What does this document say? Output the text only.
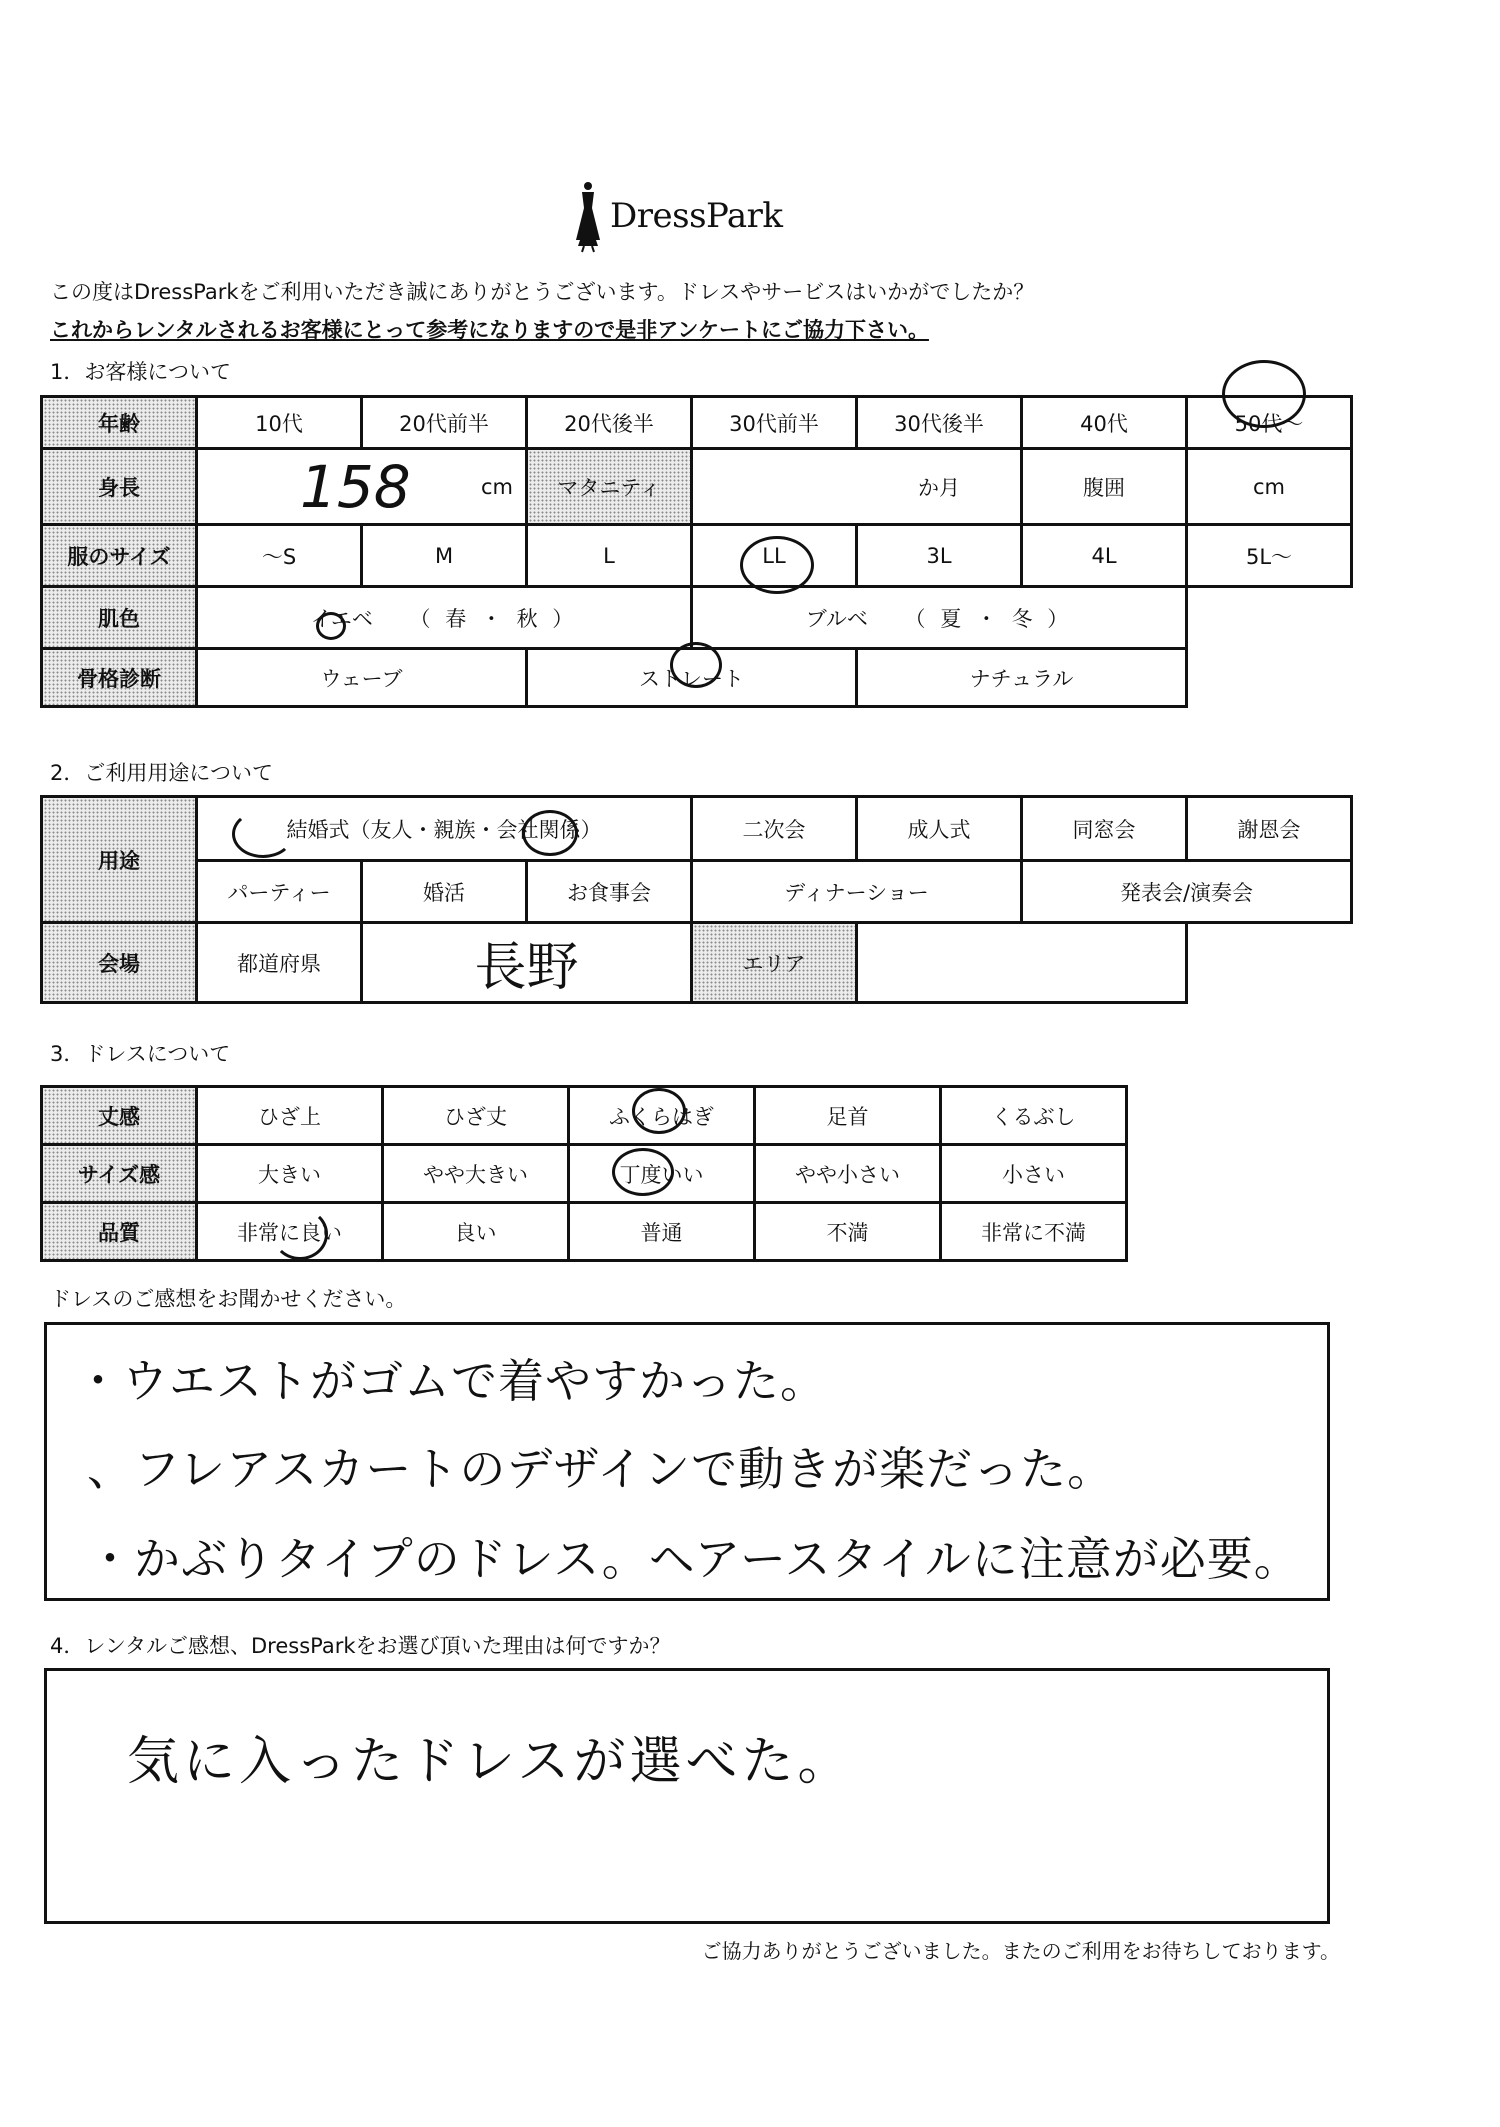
DressPark
この度はDressParkをご利用いただき誠にありがとうございます。ドレスやサービスはいかがでしたか？
これからレンタルされるお客様にとって参考になりますので是非アンケートにご協力下さい。
1．お客様について
年齢	10代	20代前半	20代後半	30代前半	30代後半	40代	50代～
身長	158 cm		マタニティ	か月		腹囲	cm
服のサイズ	～S	M	L	LL	3L	4L	5L～
肌色	イエベ （ 春 ・ 秋 ）			ブルベ （ 夏 ・ 冬 ）			
骨格診断	ウェーブ		ストレート		ナチュラル		
2．ご利用用途について
用途	結婚式（友人・親族・会社関係）			二次会	成人式	同窓会	謝恩会
	パーティー	婚活	お食事会	ディナーショー		発表会/演奏会	
会場	都道府県	長野		エリア			
3．ドレスについて
丈感	ひざ上	ひざ丈	ふくらはぎ	足首	くるぶし
サイズ感	大きい	やや大きい	丁度いい	やや小さい	小さい
品質	非常に良い	良い	普通	不満	非常に不満
ドレスのご感想をお聞かせください。
・ウエストがゴムで着やすかった。
、フレアスカートのデザインで動きが楽だった。
・かぶりタイプのドレス。ヘアースタイルに注意が必要。
4．レンタルご感想、DressParkをお選び頂いた理由は何ですか？
気に入ったドレスが選べた。
ご協力ありがとうございました。またのご利用をお待ちしております。
